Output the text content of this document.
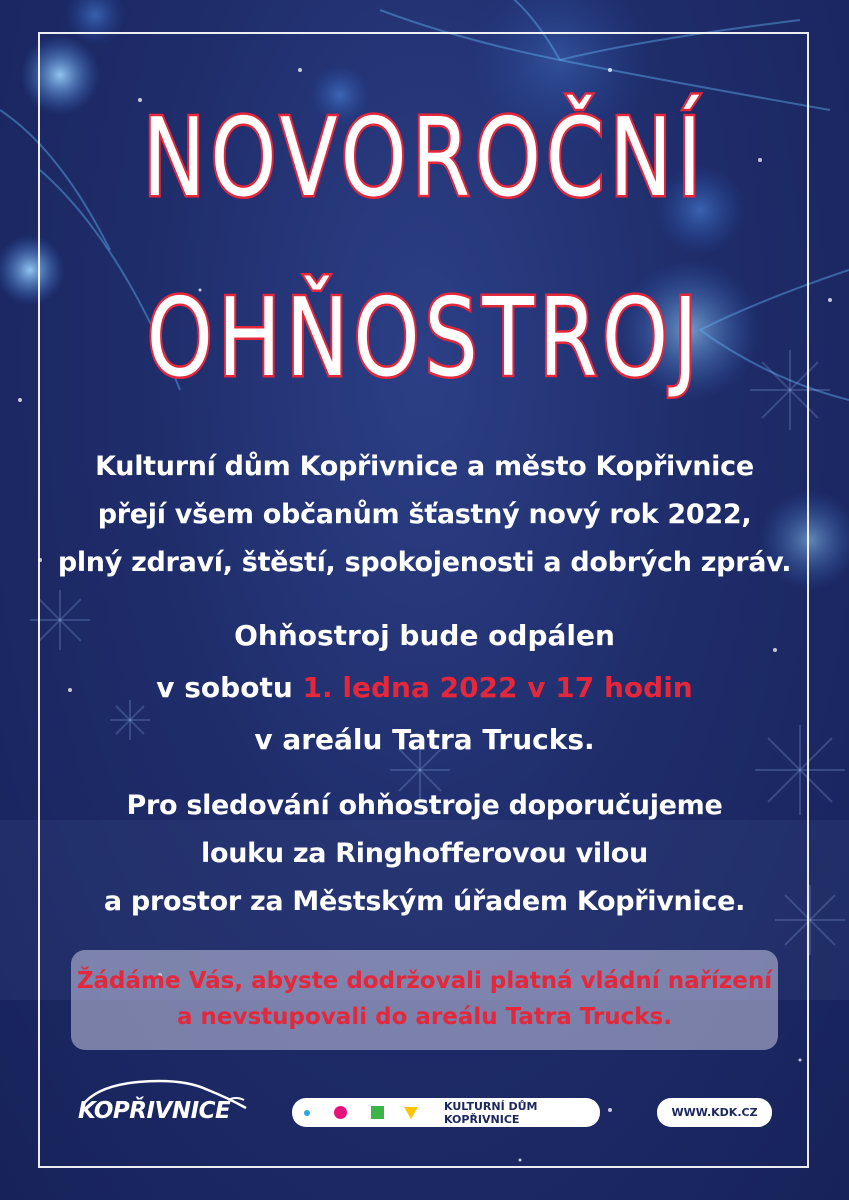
NOVOROČNÍ
OHŇOSTROJ
Kulturní dům Kopřivnice a město Kopřivnice
přejí všem občanům šťastný nový rok 2022,
plný zdraví, štěstí, spokojenosti a dobrých zpráv.
Ohňostroj bude odpálen
v sobotu 1. ledna 2022 v 17 hodin
v areálu Tatra Trucks.
Pro sledování ohňostroje doporučujeme
louku za Ringhofferovou vilou
a prostor za Městským úřadem Kopřivnice.
Žádáme Vás, abyste dodržovali platná vládní nařízení
a nevstupovali do areálu Tatra Trucks.
KOPŘIVNICE	KULTURNÍ DŮM KOPŘIVNICE	WWW.KDK.CZ
